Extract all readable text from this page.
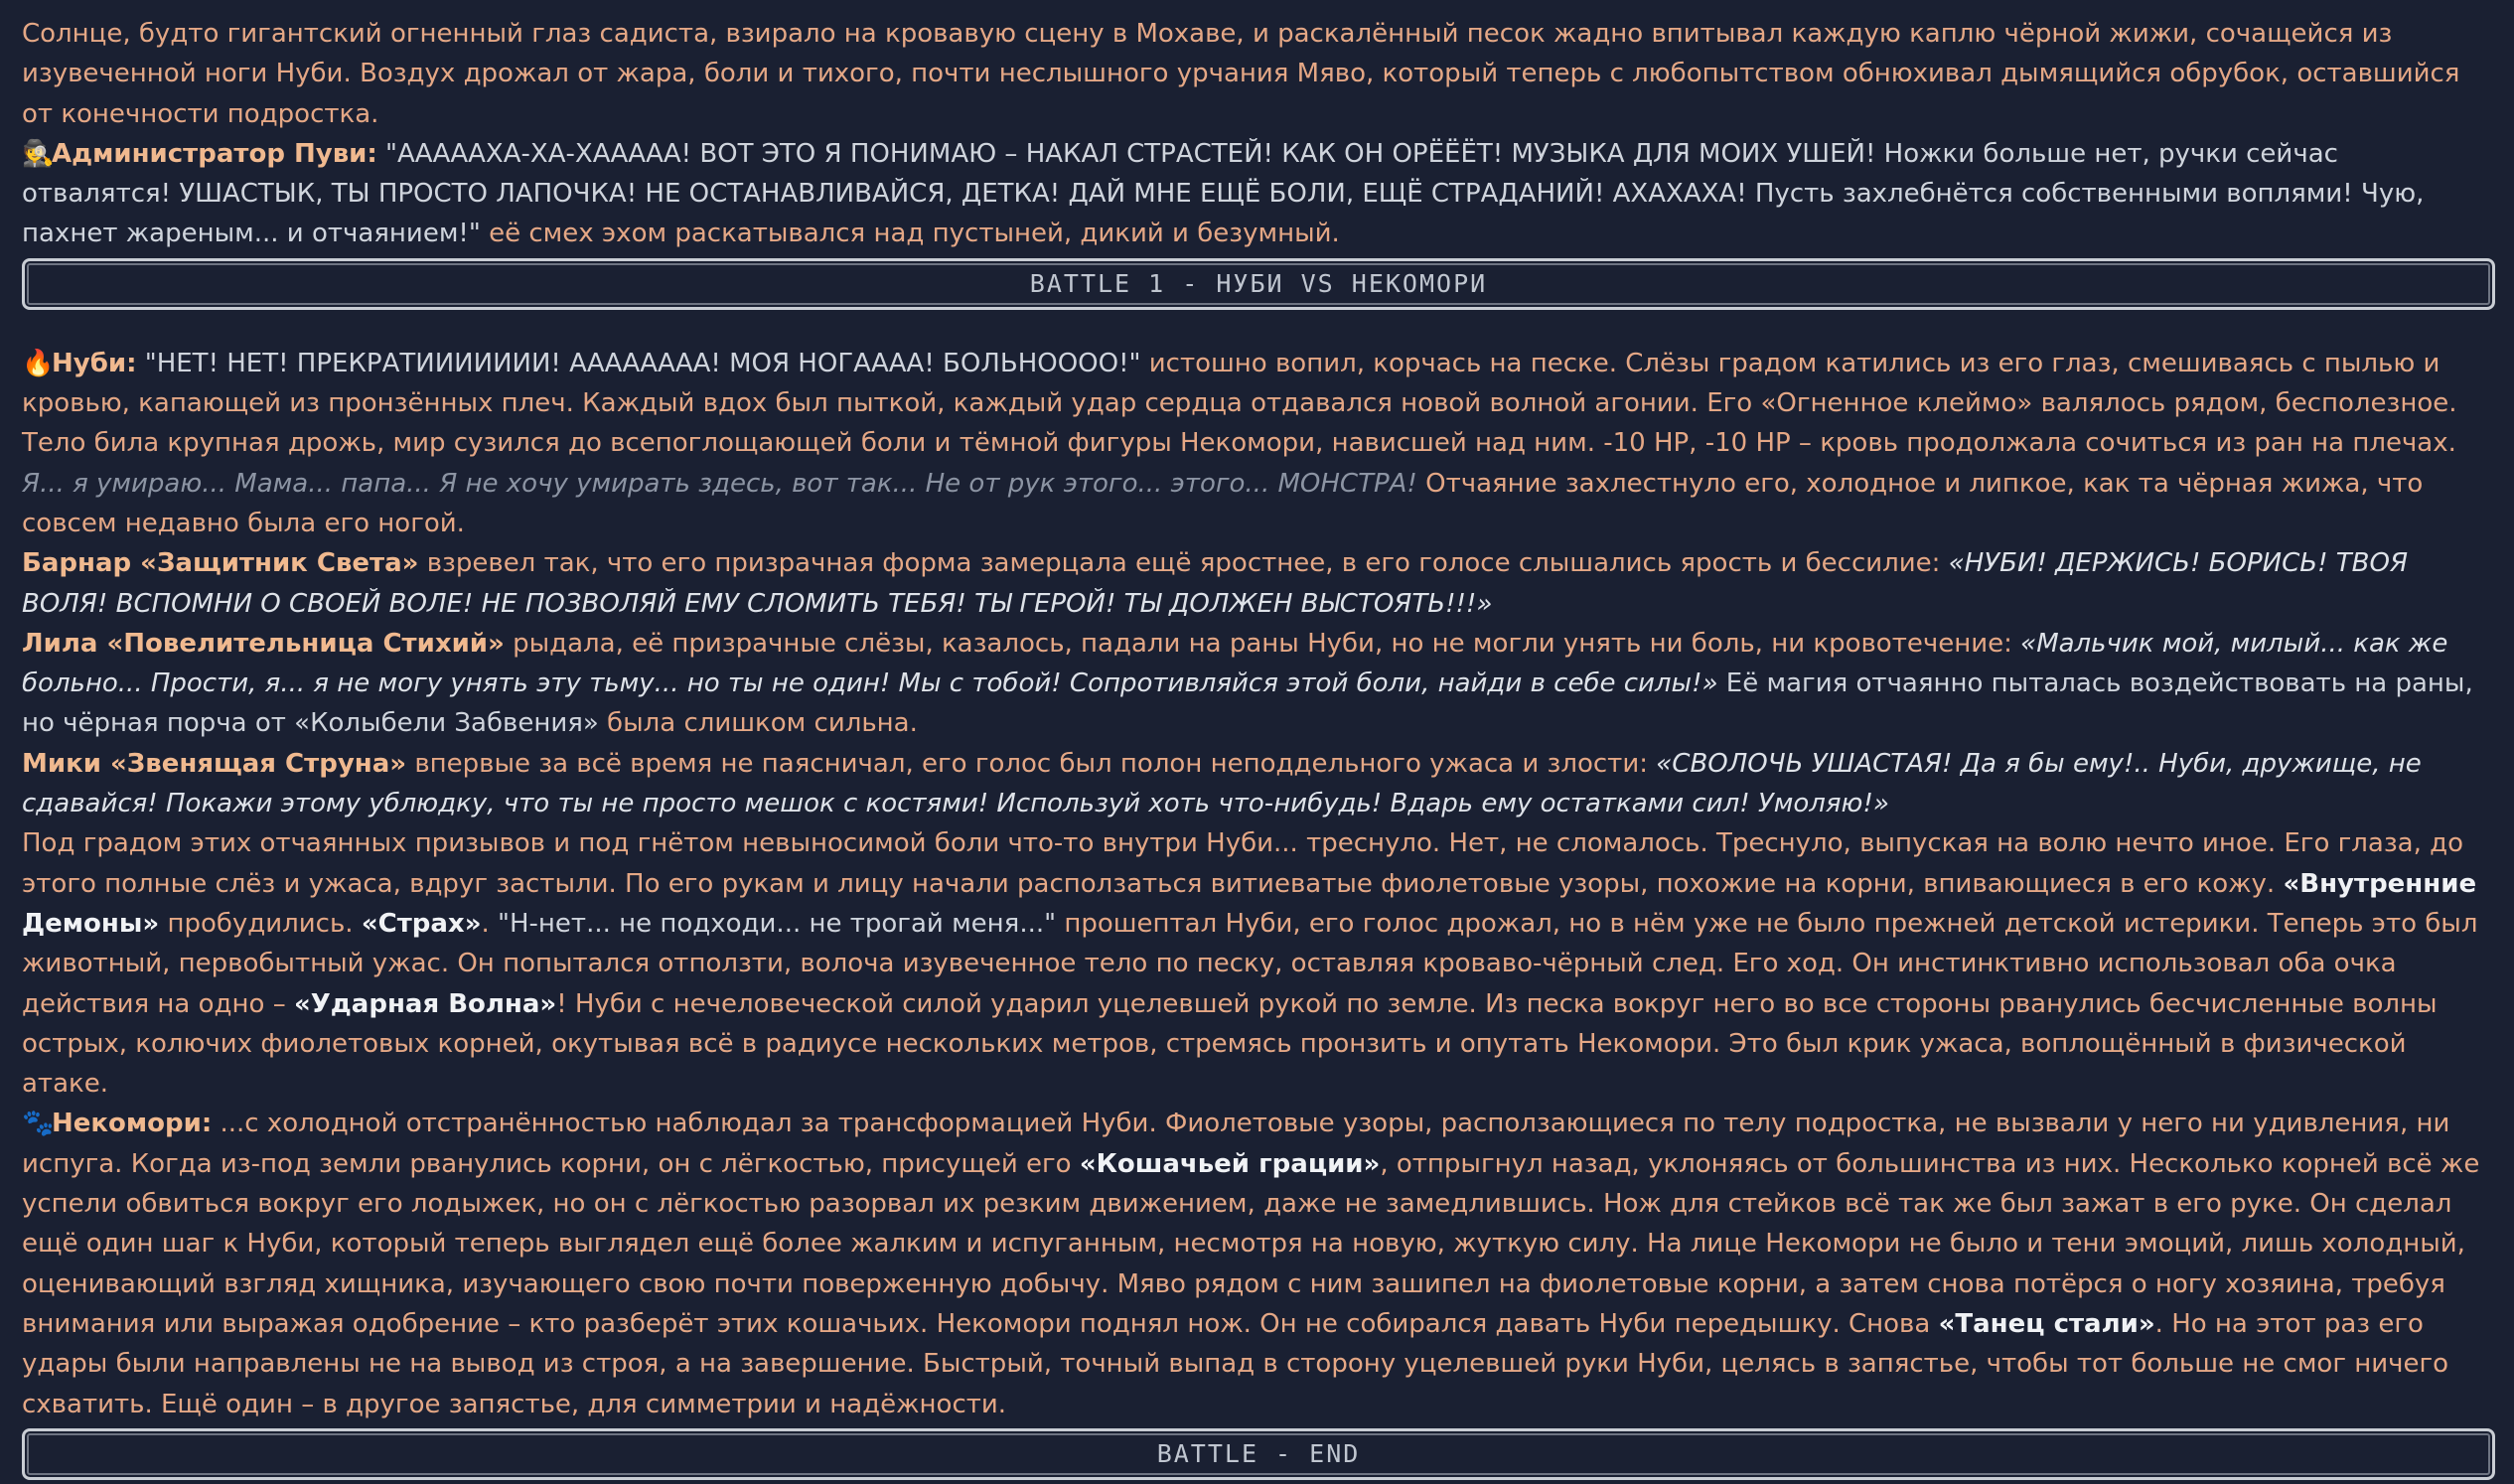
Солнце, будто гигантский огненный глаз садиста, взирало на кровавую сцену в Мохаве, и раскалённый песок жадно впитывал каждую каплю чёрной жижи, сочащейся из изувеченной ноги Нуби. Воздух дрожал от жара, боли и тихого, почти неслышного урчания Мяво, который теперь с любопытством обнюхивал дымящийся обрубок, оставшийся от конечности подростка.

🕵Администратор Пуви: "АААААХА-ХА-ХААААА! ВОТ ЭТО Я ПОНИМАЮ – НАКАЛ СТРАСТЕЙ! КАК ОН ОРЁЁЁТ! МУЗЫКА ДЛЯ МОИХ УШЕЙ! Ножки больше нет, ручки сейчас отвалятся! УШАСТЫК, ТЫ ПРОСТО ЛАПОЧКА! НЕ ОСТАНАВЛИВАЙСЯ, ДЕТКА! ДАЙ МНЕ ЕЩЁ БОЛИ, ЕЩЁ СТРАДАНИЙ! АХАХАХА! Пусть захлебнётся собственными воплями! Чую, пахнет жареным... и отчаянием!" её смех эхом раскатывался над пустыней, дикий и безумный.

BATTLE 1 - НУБИ VS НЕКОМОРИ

🔥Нуби: "НЕТ! НЕТ! ПРЕКРАТИИИИИИИ! АААААААА! МОЯ НОГАААА! БОЛЬНОООО!" истошно вопил, корчась на песке. Слёзы градом катились из его глаз, смешиваясь с пылью и кровью, капающей из пронзённых плеч. Каждый вдох был пыткой, каждый удар сердца отдавался новой волной агонии. Его «Огненное клеймо» валялось рядом, бесполезное. Тело била крупная дрожь, мир сузился до всепоглощающей боли и тёмной фигуры Некомори, нависшей над ним. -10 HP, -10 HP – кровь продолжала сочиться из ран на плечах. Я... я умираю... Мама... папа... Я не хочу умирать здесь, вот так... Не от рук этого... этого... МОНСТРА! Отчаяние захлестнуло его, холодное и липкое, как та чёрная жижа, что совсем недавно была его ногой.

Барнар «Защитник Света» взревел так, что его призрачная форма замерцала ещё яростнее, в его голосе слышались ярость и бессилие: «НУБИ! ДЕРЖИСЬ! БОРИСЬ! ТВОЯ ВОЛЯ! ВСПОМНИ О СВОЕЙ ВОЛЕ! НЕ ПОЗВОЛЯЙ ЕМУ СЛОМИТЬ ТЕБЯ! ТЫ ГЕРОЙ! ТЫ ДОЛЖЕН ВЫСТОЯТЬ!!!»

Лила «Повелительница Стихий» рыдала, её призрачные слёзы, казалось, падали на раны Нуби, но не могли унять ни боль, ни кровотечение: «Мальчик мой, милый... как же больно... Прости, я... я не могу унять эту тьму... но ты не один! Мы с тобой! Сопротивляйся этой боли, найди в себе силы!» Её магия отчаянно пыталась воздействовать на раны, но чёрная порча от «Колыбели Забвения» была слишком сильна.

Мики «Звенящая Струна» впервые за всё время не паясничал, его голос был полон неподдельного ужаса и злости: «СВОЛОЧЬ УШАСТАЯ! Да я бы ему!.. Нуби, дружище, не сдавайся! Покажи этому ублюдку, что ты не просто мешок с костями! Используй хоть что-нибудь! Вдарь ему остатками сил! Умоляю!»

Под градом этих отчаянных призывов и под гнётом невыносимой боли что-то внутри Нуби... треснуло. Нет, не сломалось. Треснуло, выпуская на волю нечто иное. Его глаза, до этого полные слёз и ужаса, вдруг застыли. По его рукам и лицу начали расползаться витиеватые фиолетовые узоры, похожие на корни, впивающиеся в его кожу. «Внутренние Демоны» пробудились. «Страх». "Н-нет... не подходи... не трогай меня..." прошептал Нуби, его голос дрожал, но в нём уже не было прежней детской истерики. Теперь это был животный, первобытный ужас. Он попытался отползти, волоча изувеченное тело по песку, оставляя кроваво-чёрный след. Его ход. Он инстинктивно использовал оба очка действия на одно – «Ударная Волна»! Нуби с нечеловеческой силой ударил уцелевшей рукой по земле. Из песка вокруг него во все стороны рванулись бесчисленные волны острых, колючих фиолетовых корней, окутывая всё в радиусе нескольких метров, стремясь пронзить и опутать Некомори. Это был крик ужаса, воплощённый в физической атаке.

🐾Некомори: ...с холодной отстранённостью наблюдал за трансформацией Нуби. Фиолетовые узоры, расползающиеся по телу подростка, не вызвали у него ни удивления, ни испуга. Когда из-под земли рванулись корни, он с лёгкостью, присущей его «Кошачьей грации», отпрыгнул назад, уклоняясь от большинства из них. Несколько корней всё же успели обвиться вокруг его лодыжек, но он с лёгкостью разорвал их резким движением, даже не замедлившись. Нож для стейков всё так же был зажат в его руке. Он сделал ещё один шаг к Нуби, который теперь выглядел ещё более жалким и испуганным, несмотря на новую, жуткую силу. На лице Некомори не было и тени эмоций, лишь холодный, оценивающий взгляд хищника, изучающего свою почти поверженную добычу. Мяво рядом с ним зашипел на фиолетовые корни, а затем снова потёрся о ногу хозяина, требуя внимания или выражая одобрение – кто разберёт этих кошачьих. Некомори поднял нож. Он не собирался давать Нуби передышку. Снова «Танец стали». Но на этот раз его удары были направлены не на вывод из строя, а на завершение. Быстрый, точный выпад в сторону уцелевшей руки Нуби, целясь в запястье, чтобы тот больше не смог ничего схватить. Ещё один – в другое запястье, для симметрии и надёжности.

BATTLE - END
